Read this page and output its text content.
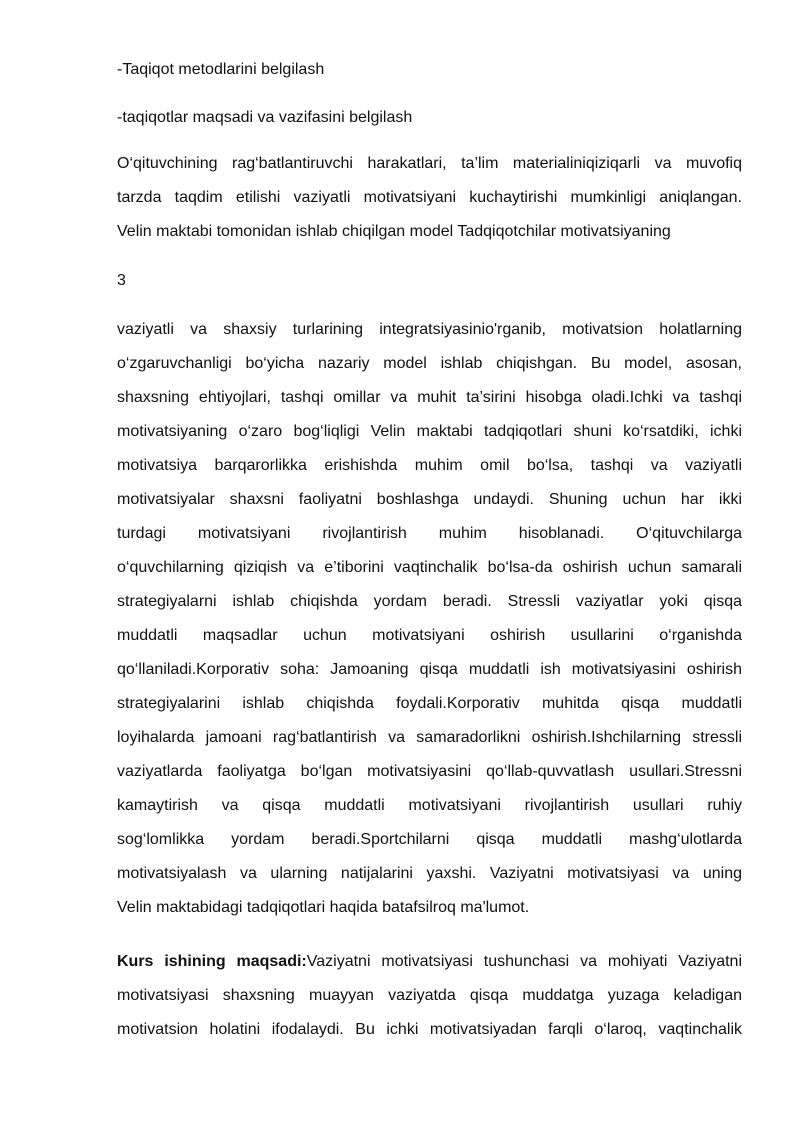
-Taqiqot metodlarini belgilash

-taqiqotlar maqsadi va vazifasini belgilash

O‘qituvchining rag‘batlantiruvchi harakatlari, ta’lim materialiniqiziqarli va muvofiq
tarzda taqdim etilishi vaziyatli motivatsiyani kuchaytirishi mumkinligi aniqlangan.
Velin maktabi tomonidan ishlab chiqilgan model Tadqiqotchilar motivatsiyaning

3

vaziyatli va shaxsiy turlarining integratsiyasinio'rganib, motivatsion holatlarning
o‘zgaruvchanligi bo‘yicha nazariy model ishlab chiqishgan. Bu model, asosan,
shaxsning ehtiyojlari, tashqi omillar va muhit ta’sirini hisobga oladi.Ichki va tashqi
motivatsiyaning o‘zaro bog‘liqligi Velin maktabi tadqiqotlari shuni ko‘rsatdiki, ichki
motivatsiya barqarorlikka erishishda muhim omil bo‘lsa, tashqi va vaziyatli
motivatsiyalar shaxsni faoliyatni boshlashga undaydi. Shuning uchun har ikki
turdagi motivatsiyani rivojlantirish muhim hisoblanadi. O‘qituvchilarga
o‘quvchilarning qiziqish va e’tiborini vaqtinchalik bo‘lsa-da oshirish uchun samarali
strategiyalarni ishlab chiqishda yordam beradi. Stressli vaziyatlar yoki qisqa
muddatli maqsadlar uchun motivatsiyani oshirish usullarini o‘rganishda
qo‘llaniladi.Korporativ soha: Jamoaning qisqa muddatli ish motivatsiyasini oshirish
strategiyalarini ishlab chiqishda foydali.Korporativ muhitda qisqa muddatli
loyihalarda jamoani rag‘batlantirish va samaradorlikni oshirish.Ishchilarning stressli
vaziyatlarda faoliyatga bo‘lgan motivatsiyasini qo‘llab-quvvatlash usullari.Stressni
kamaytirish va qisqa muddatli motivatsiyani rivojlantirish usullari ruhiy
sog‘lomlikka yordam beradi.Sportchilarni qisqa muddatli mashg‘ulotlarda
motivatsiyalash va ularning natijalarini yaxshi. Vaziyatni motivatsiyasi va uning
Velin maktabidagi tadqiqotlari haqida batafsilroq ma'lumot.
Kurs ishining maqsadi:Vaziyatni motivatsiyasi tushunchasi va mohiyati Vaziyatni
motivatsiyasi shaxsning muayyan vaziyatda qisqa muddatga yuzaga keladigan
motivatsion holatini ifodalaydi. Bu ichki motivatsiyadan farqli o‘laroq, vaqtinchalik
